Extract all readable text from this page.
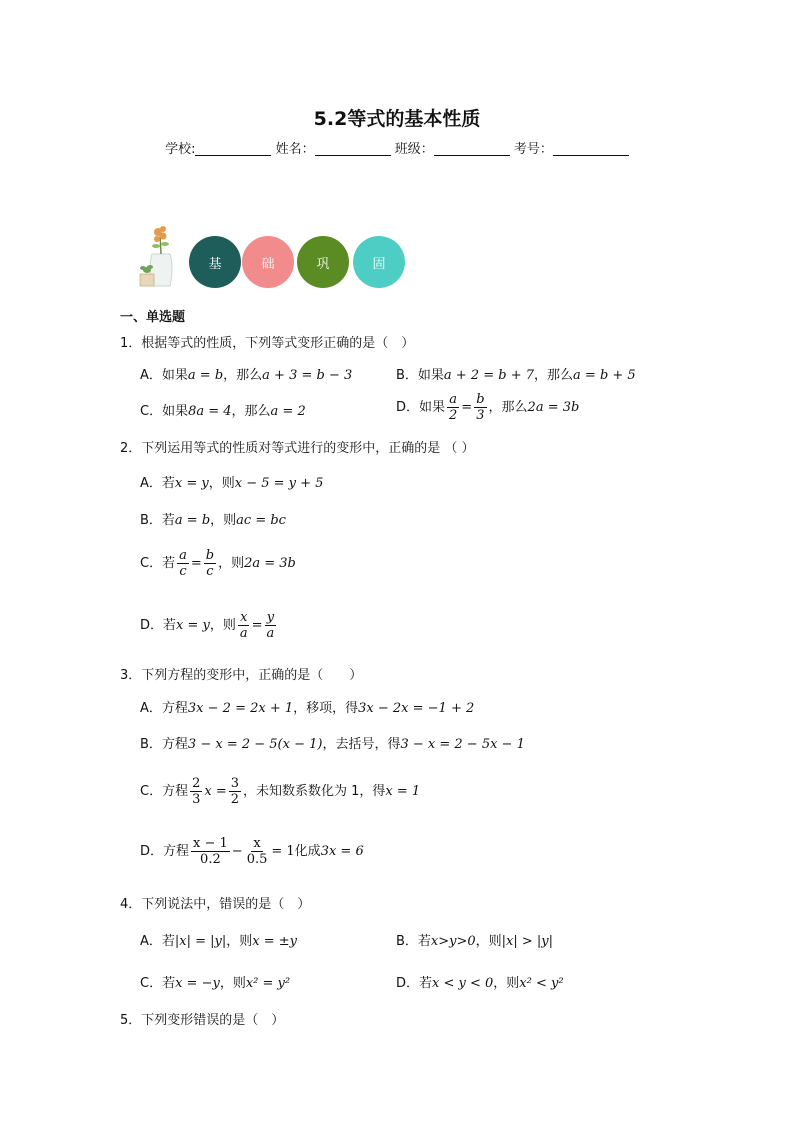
5.2等式的基本性质
学校:	姓名：	班级：	考号：
基	础	巩	固
一、单选题
1．根据等式的性质，下列等式变形正确的是（　）
A．如果a = b，那么a + 3 = b − 3	B．如果a + 2 = b + 7，那么a = b + 5
C．如果8a = 4，那么a = 2	D．如果 $\frac{a}{2} = \frac{b}{3}$ ，那么2a = 3b
2．下列运用等式的性质对等式进行的变形中，正确的是 （ ）
A．若x = y，则x − 5 = y + 5
B．若a = b，则ac = bc
C．若 $\frac{a}{c} = \frac{b}{c}$ ，则2a = 3b
D．若x = y，则 $\frac{x}{a} = \frac{y}{a}$
3．下列方程的变形中，正确的是（　　）
A．方程3x − 2 = 2x + 1，移项，得3x − 2x = −1 + 2
B．方程3 − x = 2 − 5(x − 1)，去括号，得3 − x = 2 − 5x − 1
C．方程 $\frac{2}{3}$ $x = \frac{3}{2}$ ，未知数系数化为 1，得x = 1
D．方程 $\frac{x - 1}{0.2} - \frac{x}{0.5} = 1$化成3x = 6
4．下列说法中，错误的是（　）
A．若|x| = |y|，则x = ±y	B．若x>y>0，则|x| > |y|
C．若x = −y，则x² = y²	D．若x < y < 0，则x² < y²
5．下列变形错误的是（　）
